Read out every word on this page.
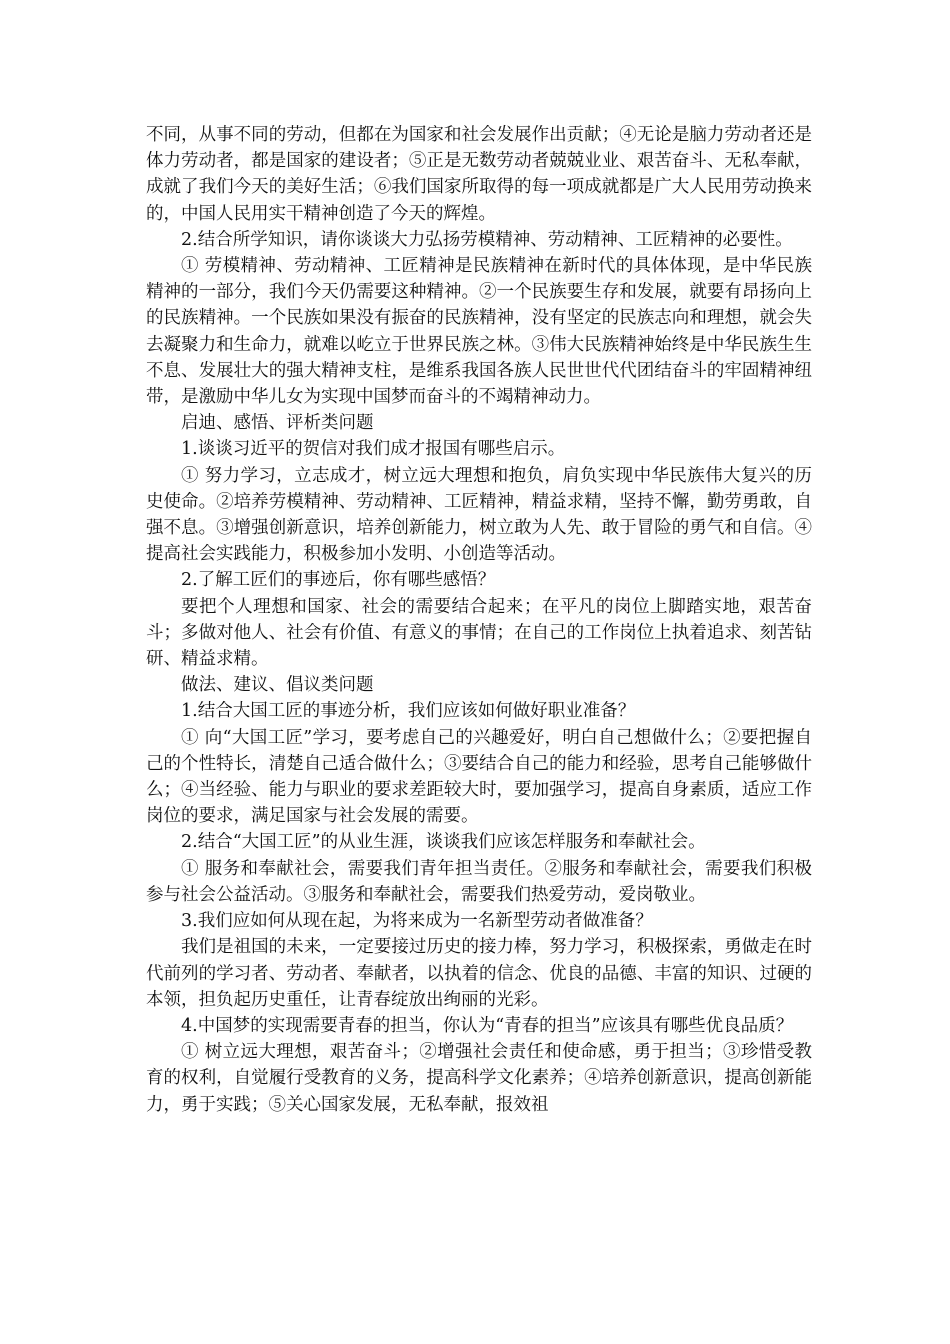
不同，从事不同的劳动，但都在为国家和社会发展作出贡献；④无论是脑力劳动者还是体力劳动者，都是国家的建设者；⑤正是无数劳动者兢兢业业、艰苦奋斗、无私奉献，成就了我们今天的美好生活；⑥我们国家所取得的每一项成就都是广大人民用劳动换来的，中国人民用实干精神创造了今天的辉煌。

2.结合所学知识，请你谈谈大力弘扬劳模精神、劳动精神、工匠精神的必要性。

① 劳模精神、劳动精神、工匠精神是民族精神在新时代的具体体现，是中华民族精神的一部分，我们今天仍需要这种精神。②一个民族要生存和发展，就要有昂扬向上的民族精神。一个民族如果没有振奋的民族精神，没有坚定的民族志向和理想，就会失去凝聚力和生命力，就难以屹立于世界民族之林。③伟大民族精神始终是中华民族生生不息、发展壮大的强大精神支柱，是维系我国各族人民世世代代团结奋斗的牢固精神纽带，是激励中华儿女为实现中国梦而奋斗的不竭精神动力。

启迪、感悟、评析类问题

1.谈谈习近平的贺信对我们成才报国有哪些启示。

① 努力学习，立志成才，树立远大理想和抱负，肩负实现中华民族伟大复兴的历史使命。②培养劳模精神、劳动精神、工匠精神，精益求精，坚持不懈，勤劳勇敢，自强不息。③增强创新意识，培养创新能力，树立敢为人先、敢于冒险的勇气和自信。④提高社会实践能力，积极参加小发明、小创造等活动。

2.了解工匠们的事迹后，你有哪些感悟？

要把个人理想和国家、社会的需要结合起来；在平凡的岗位上脚踏实地，艰苦奋斗；多做对他人、社会有价值、有意义的事情；在自己的工作岗位上执着追求、刻苦钻研、精益求精。

做法、建议、倡议类问题

1.结合大国工匠的事迹分析，我们应该如何做好职业准备？

① 向“大国工匠”学习，要考虑自己的兴趣爱好，明白自己想做什么；②要把握自己的个性特长，清楚自己适合做什么；③要结合自己的能力和经验，思考自己能够做什么；④当经验、能力与职业的要求差距较大时，要加强学习，提高自身素质，适应工作岗位的要求，满足国家与社会发展的需要。

2.结合“大国工匠”的从业生涯，谈谈我们应该怎样服务和奉献社会。

① 服务和奉献社会，需要我们青年担当责任。②服务和奉献社会，需要我们积极参与社会公益活动。③服务和奉献社会，需要我们热爱劳动，爱岗敬业。

3.我们应如何从现在起，为将来成为一名新型劳动者做准备？

我们是祖国的未来，一定要接过历史的接力棒，努力学习，积极探索，勇做走在时代前列的学习者、劳动者、奉献者，以执着的信念、优良的品德、丰富的知识、过硬的本领，担负起历史重任，让青春绽放出绚丽的光彩。

4.中国梦的实现需要青春的担当，你认为“青春的担当”应该具有哪些优良品质？

① 树立远大理想，艰苦奋斗；②增强社会责任和使命感，勇于担当；③珍惜受教育的权利，自觉履行受教育的义务，提高科学文化素养；④培养创新意识，提高创新能力，勇于实践；⑤关心国家发展，无私奉献，报效祖
